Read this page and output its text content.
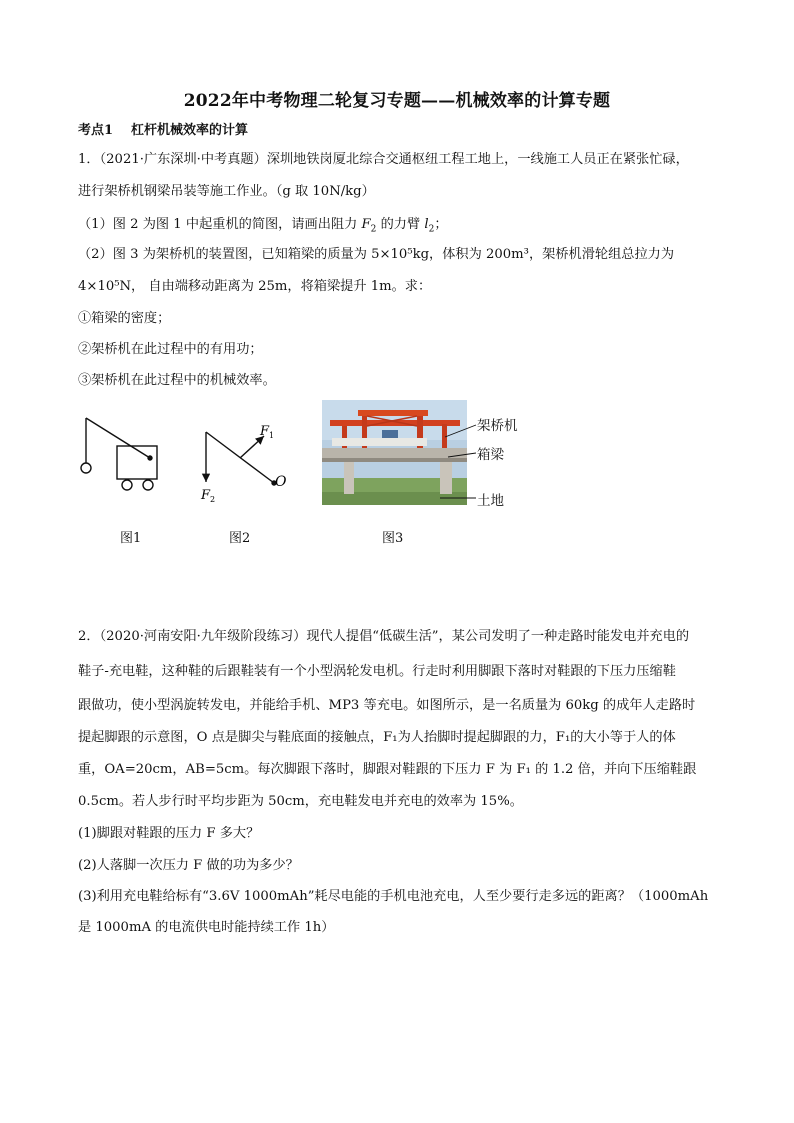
2022年中考物理二轮复习专题——机械效率的计算专题
考点1 杠杆机械效率的计算
1．（2021·广东深圳·中考真题）深圳地铁岗厦北综合交通枢纽工程工地上，一线施工人员正在紧张忙碌，
进行架桥机钢梁吊装等施工作业。（g 取 10N/kg）
（1）图 2 为图 1 中起重机的简图，请画出阻力 $F_2$ 的力臂 $l_2$；
（2）图 3 为架桥机的装置图，已知箱梁的质量为 5×10⁵kg，体积为 200m³，架桥机滑轮组总拉力为
4×10⁵N， 自由端移动距离为 25m，将箱梁提升 1m。求：
①箱梁的密度；
②架桥机在此过程中的有用功；
③架桥机在此过程中的机械效率。
$F_1$
$F_2$
O
架桥机
箱梁
土地
图1	图2	图3
2．（2020·河南安阳·九年级阶段练习）现代人提倡“低碳生活”，某公司发明了一种走路时能发电并充电的
鞋子-充电鞋，这种鞋的后跟鞋装有一个小型涡轮发电机。行走时利用脚跟下落时对鞋跟的下压力压缩鞋
跟做功，使小型涡旋转发电，并能给手机、MP3 等充电。如图所示，是一名质量为 60kg 的成年人走路时
提起脚跟的示意图，O 点是脚尖与鞋底面的接触点，F₁为人抬脚时提起脚跟的力，F₁的大小等于人的体
重，OA=20cm，AB=5cm。每次脚跟下落时，脚跟对鞋跟的下压力 F 为 F₁ 的 1.2 倍，并向下压缩鞋跟
0.5cm。若人步行时平均步距为 50cm，充电鞋发电并充电的效率为 15%。
(1)脚跟对鞋跟的压力 F 多大？
(2)人落脚一次压力 F 做的功为多少？
(3)利用充电鞋给标有“3.6V 1000mAh”耗尽电能的手机电池充电，人至少要行走多远的距离？（1000mAh
是 1000mA 的电流供电时能持续工作 1h）
